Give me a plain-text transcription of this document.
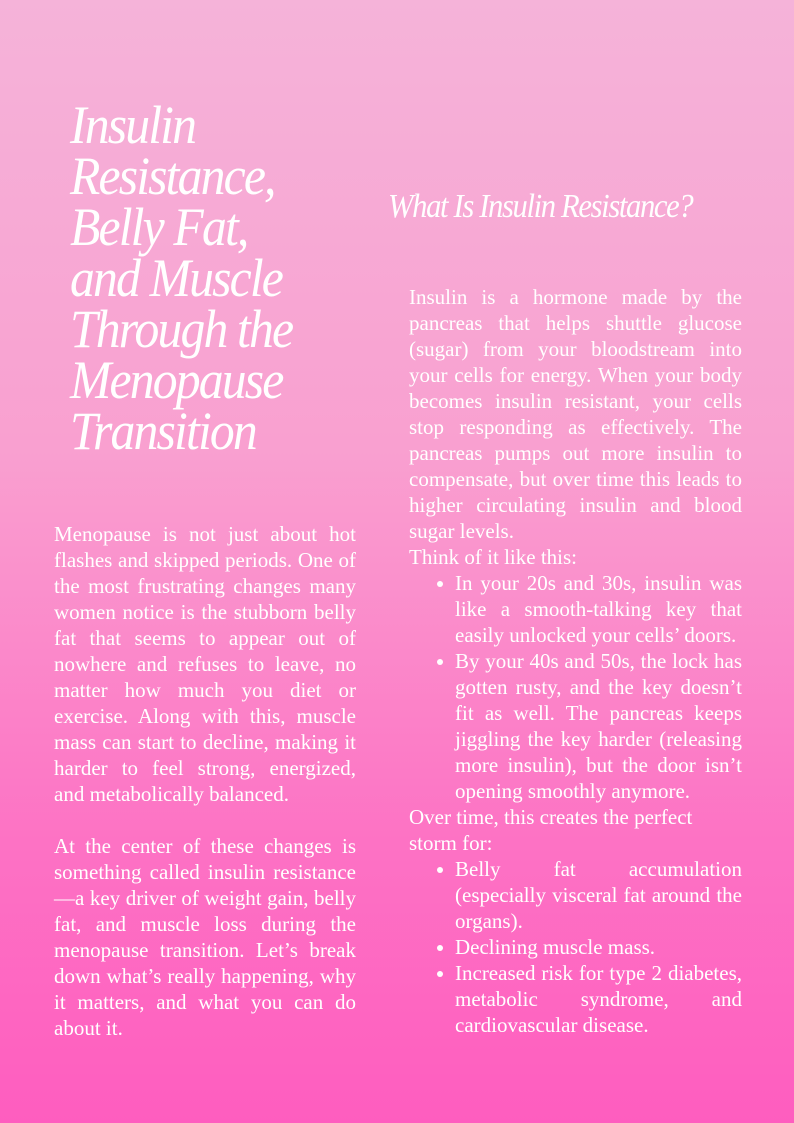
Insulin
Resistance,
Belly Fat,
and Muscle
Through the
Menopause
Transition

Menopause is not just about hot flashes and skipped periods. One of the most frustrating changes many women notice is the stubborn belly fat that seems to appear out of nowhere and refuses to leave, no matter how much you diet or exercise. Along with this, muscle mass can start to decline, making it harder to feel strong, energized, and metabolically balanced.

At the center of these changes is something called insulin resistance—a key driver of weight gain, belly fat, and muscle loss during the menopause transition. Let’s break down what’s really happening, why it matters, and what you can do about it.

What Is Insulin Resistance?

Insulin is a hormone made by the pancreas that helps shuttle glucose (sugar) from your bloodstream into your cells for energy. When your body becomes insulin resistant, your cells stop responding as effectively. The pancreas pumps out more insulin to compensate, but over time this leads to higher circulating insulin and blood sugar levels.

Think of it like this:

In your 20s and 30s, insulin was like a smooth-talking key that easily unlocked your cells’ doors.
By your 40s and 50s, the lock has gotten rusty, and the key doesn’t fit as well. The pancreas keeps jiggling the key harder (releasing more insulin), but the door isn’t opening smoothly anymore.

Over time, this creates the perfect storm for:

Belly fat accumulation (especially visceral fat around the organs).
Declining muscle mass.
Increased risk for type 2 diabetes, metabolic syndrome, and cardiovascular disease.
